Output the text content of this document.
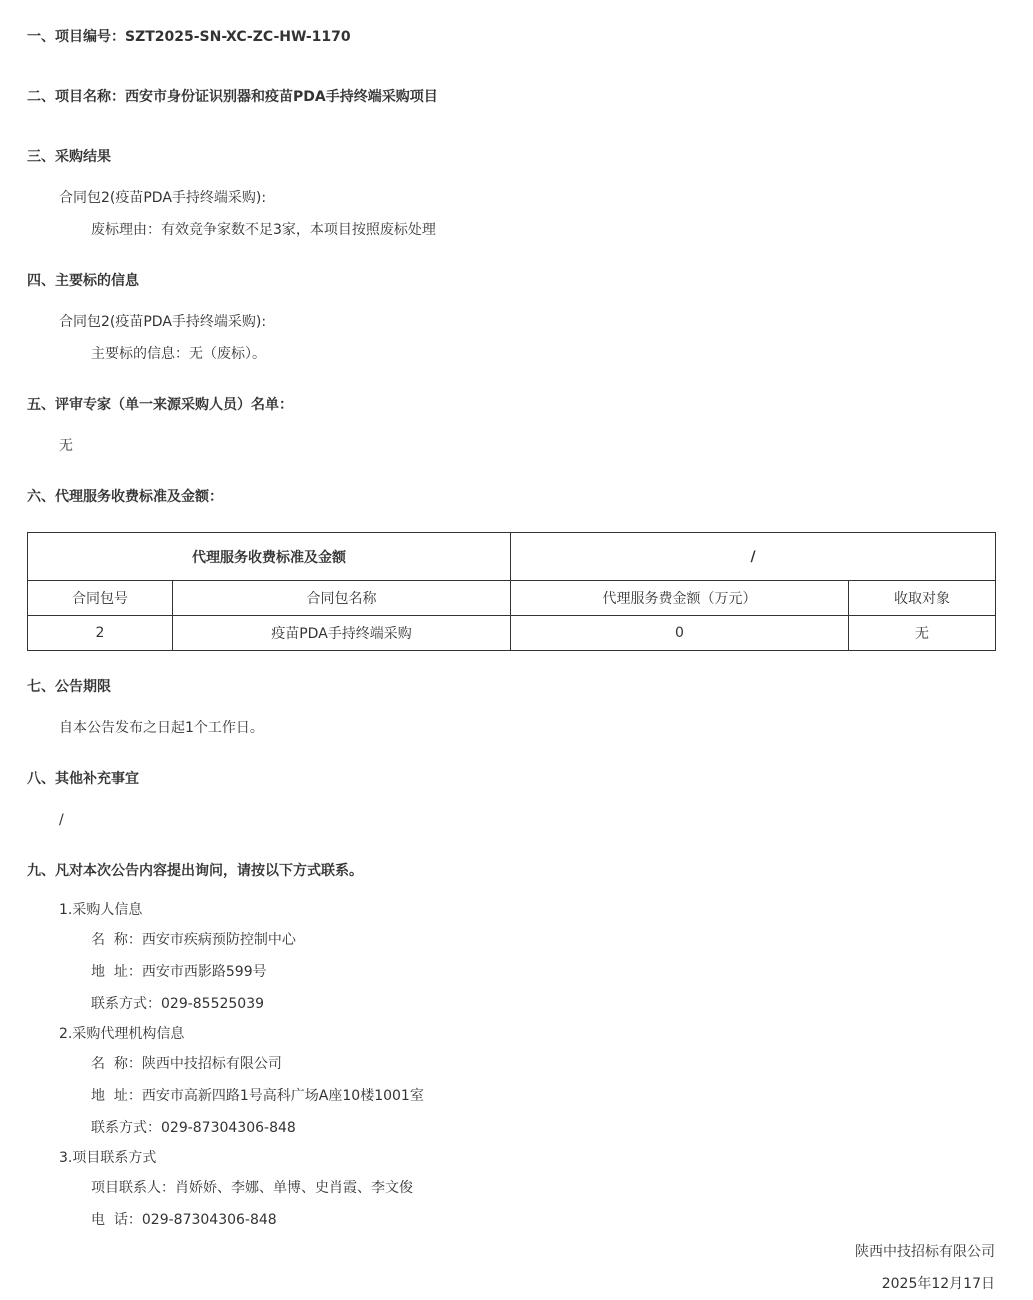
一、项目编号：SZT2025-SN-XC-ZC-HW-1170
二、项目名称：西安市身份证识别器和疫苗PDA手持终端采购项目
三、采购结果
合同包2(疫苗PDA手持终端采购):
废标理由：有效竞争家数不足3家，本项目按照废标处理
四、主要标的信息
合同包2(疫苗PDA手持终端采购):
主要标的信息：无（废标）。
五、评审专家（单一来源采购人员）名单：
无
六、代理服务收费标准及金额：
代理服务收费标准及金额		/	
合同包号	合同包名称	代理服务费金额（万元）	收取对象
2	疫苗PDA手持终端采购	0	无
七、公告期限
自本公告发布之日起1个工作日。
八、其他补充事宜
/
九、凡对本次公告内容提出询问，请按以下方式联系。
1.采购人信息
名  称：西安市疾病预防控制中心
地  址：西安市西影路599号
联系方式：029-85525039
2.采购代理机构信息
名  称：陕西中技招标有限公司
地  址：西安市高新四路1号高科广场A座10楼1001室
联系方式：029-87304306-848
3.项目联系方式
项目联系人：肖娇娇、李娜、单博、史肖霞、李文俊
电  话：029-87304306-848
陕西中技招标有限公司
2025年12月17日
